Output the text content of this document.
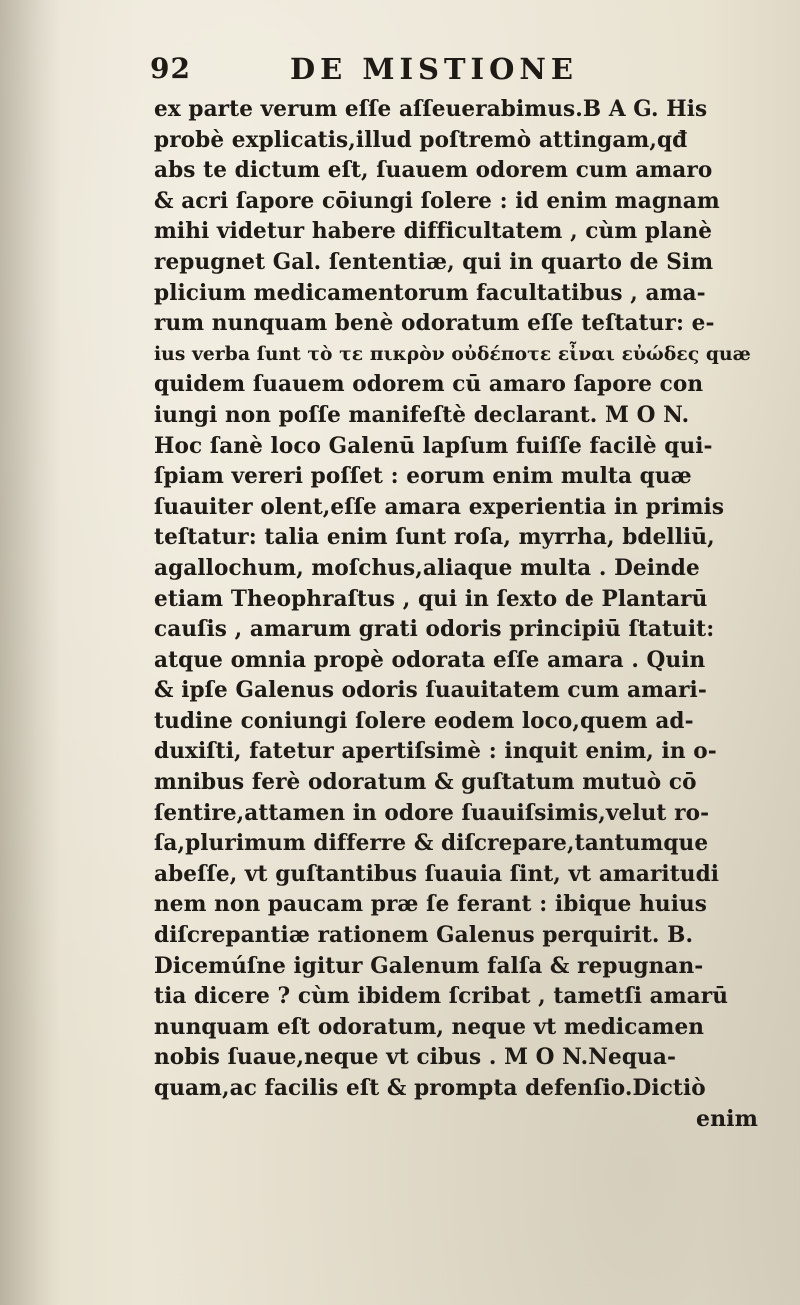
92	DE MISTIONE
ex parte verum eſſe aſſeuerabimus.B A G. His
probè explicatis,illud poſtremò attingam,qđ
abs te dictum eſt, ſuauem odorem cum amaro
& acri ſapore cōiungi ſolere : id enim magnam
mihi videtur habere difficultatem , cùm planè
repugnet Gal. ſententiæ, qui in quarto de Sim
plicium medicamentorum facultatibus , ama-
rum nunquam benè odoratum eſſe teſtatur: e-
ius verba ſunt τὸ τε πικρὸν οὐδέποτε εἶναι εὐώδες quæ
quidem ſuauem odorem cū amaro ſapore con
iungi non poſſe manifeſtè declarant. M O N.
Hoc ſanè loco Galenū lapſum fuiſſe facilè qui-
ſpiam vereri poſſet : eorum enim multa quæ
ſuauiter olent,eſſe amara experientia in primis
teſtatur: talia enim ſunt roſa, myrrha, bdelliū,
agallochum, moſchus,aliaque multa . Deinde
etiam Theophraſtus , qui in ſexto de Plantarū
cauſis , amarum grati odoris principiū ſtatuit:
atque omnia propè odorata eſſe amara . Quin
& ipſe Galenus odoris ſuauitatem cum amari-
tudine coniungi ſolere eodem loco,quem ad-
duxiſti, fatetur apertiſsimè : inquit enim, in o-
mnibus ferè odoratum & guſtatum mutuò cō
ſentire,attamen in odore ſuauiſsimis,velut ro-
ſa,plurimum differre & diſcrepare,tantumque
abeſſe, vt guſtantibus ſuauia ſint, vt amaritudi
nem non paucam præ ſe ferant : ibique huius
diſcrepantiæ rationem Galenus perquirit. B.
Dicemúſne igitur Galenum falſa & repugnan-
tia dicere ? cùm ibidem ſcribat , tametſi amarū
nunquam eſt odoratum, neque vt medicamen
nobis ſuaue,neque vt cibus . M O N.Nequa-
quam,ac facilis eſt & prompta defenſio.Dictiò
enim
